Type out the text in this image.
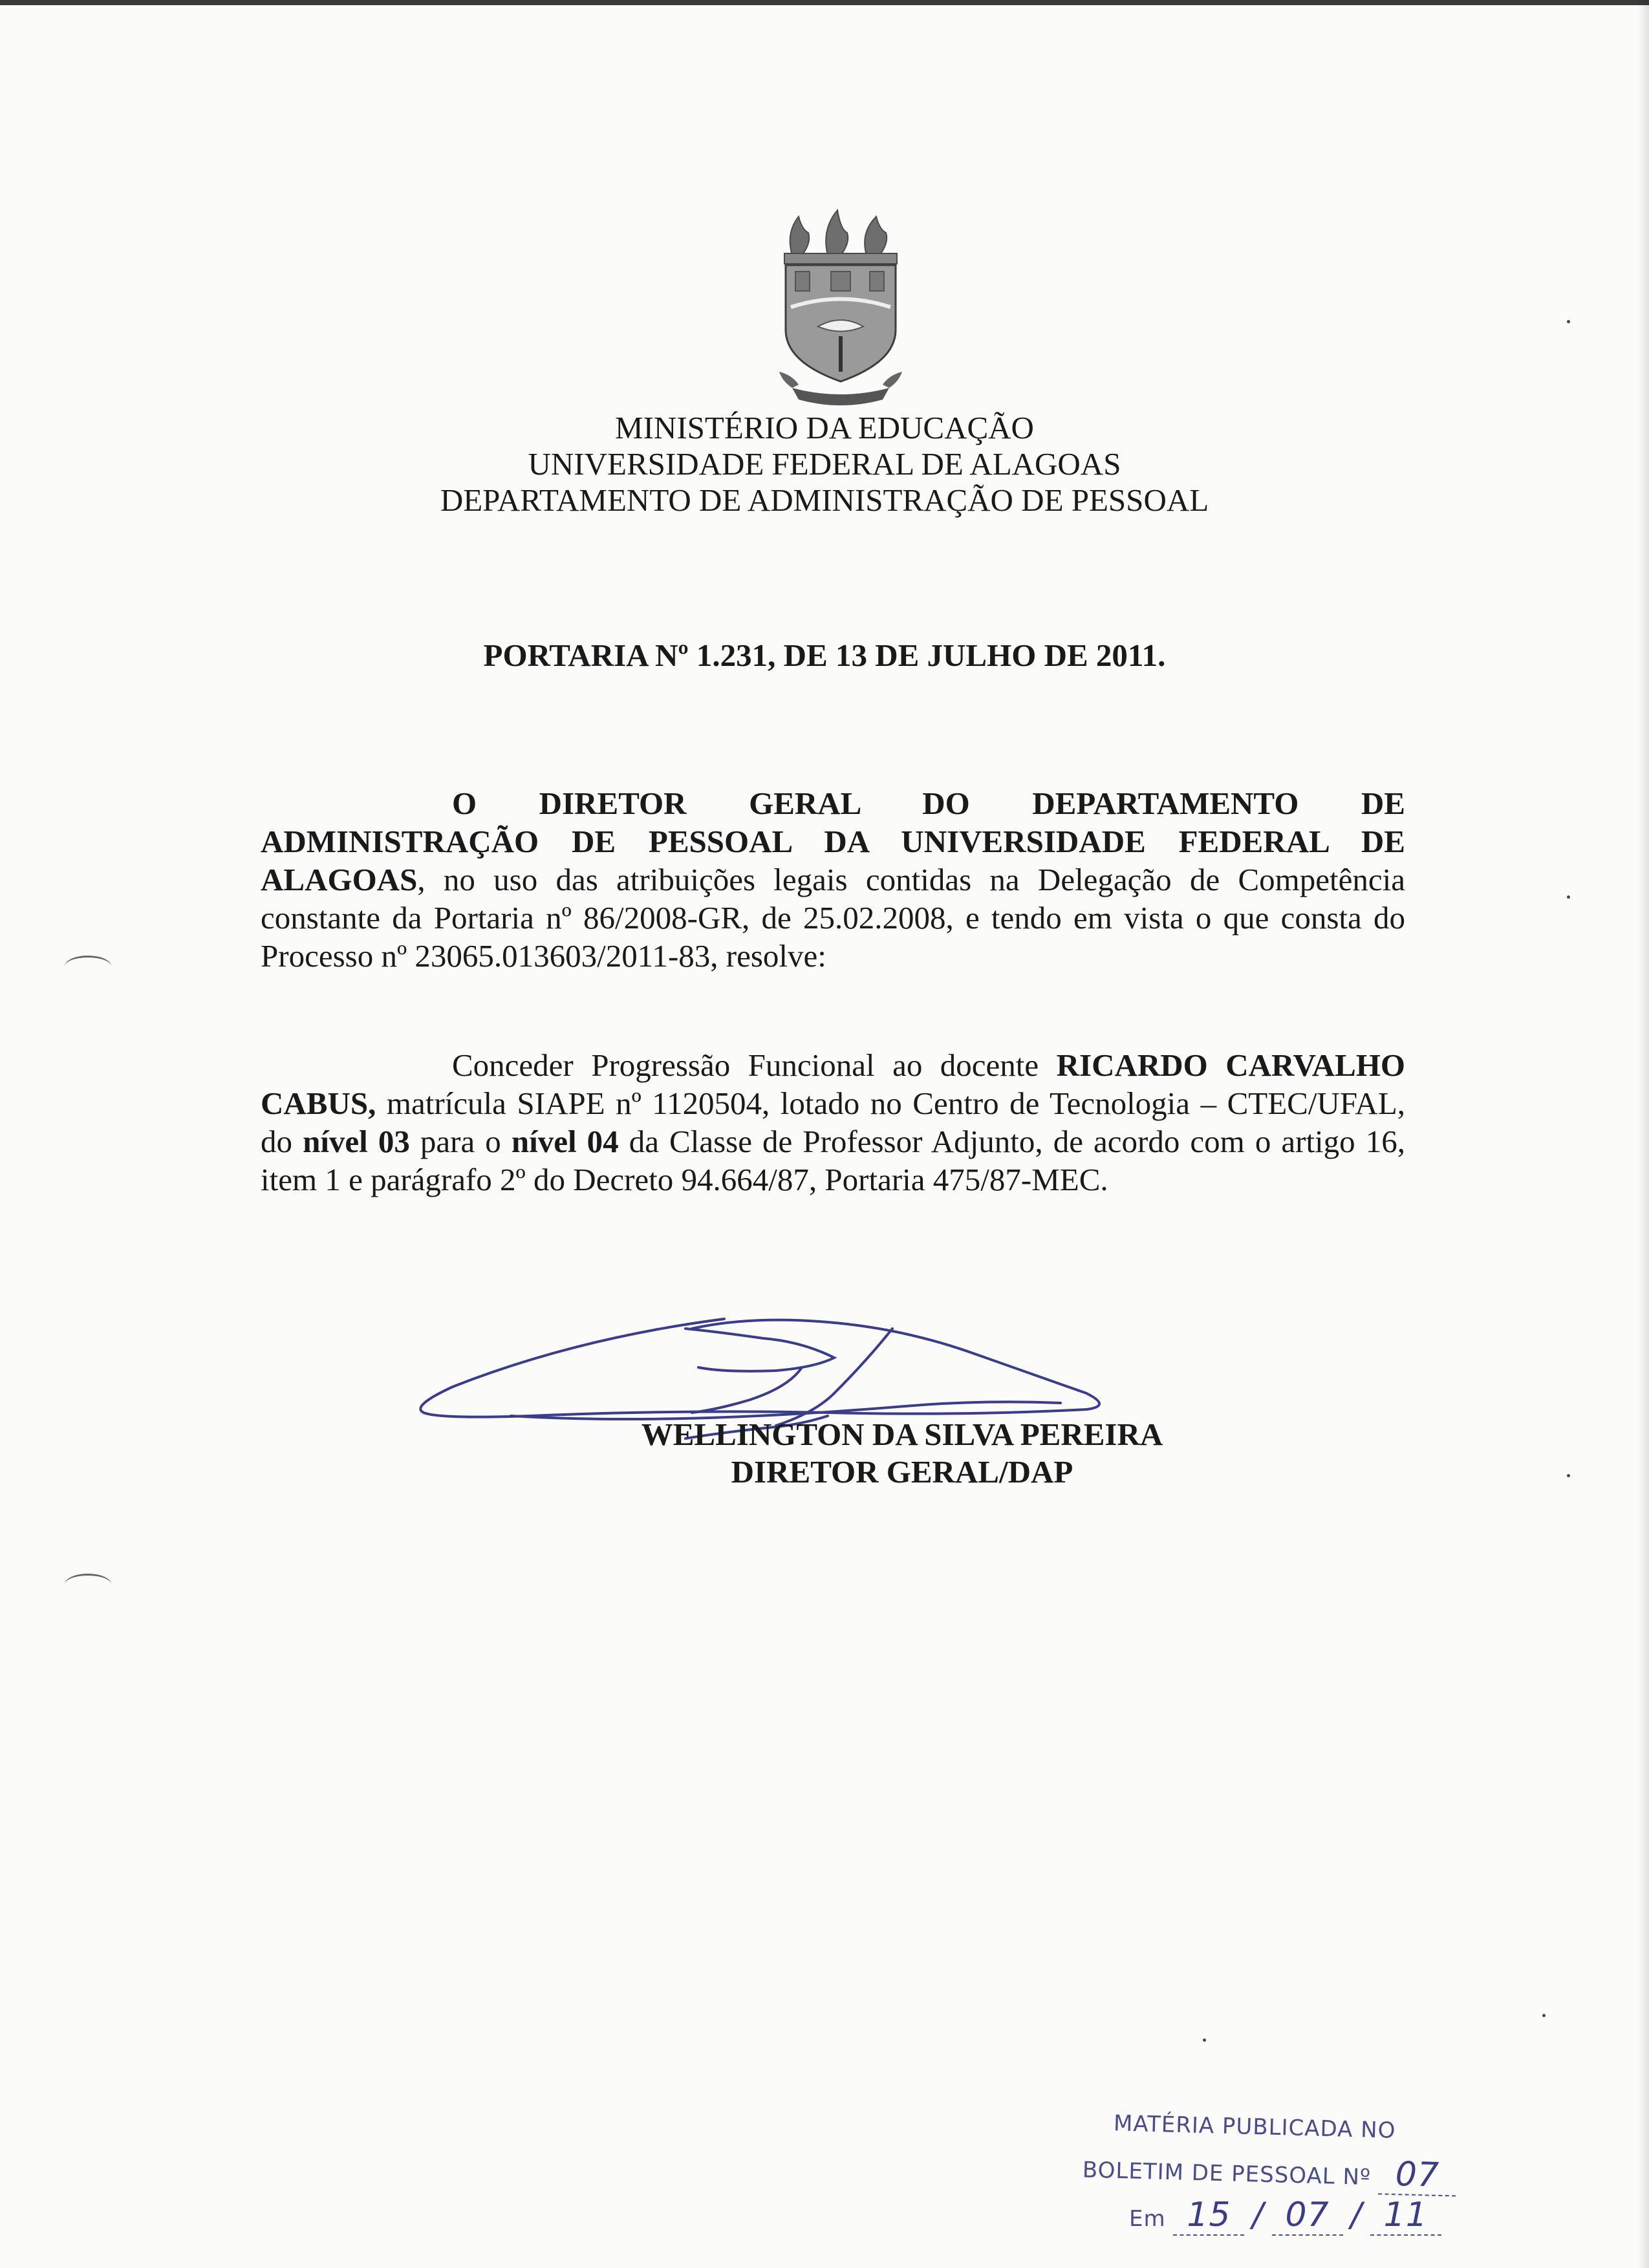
MINISTÉRIO DA EDUCAÇÃO
UNIVERSIDADE FEDERAL DE ALAGOAS
DEPARTAMENTO DE ADMINISTRAÇÃO DE PESSOAL
PORTARIA Nº 1.231, DE 13 DE JULHO DE 2011.
O DIRETOR GERAL DO DEPARTAMENTO DE ADMINISTRAÇÃO DE PESSOAL DA UNIVERSIDADE FEDERAL DE ALAGOAS, no uso das atribuições legais contidas na Delegação de Competência constante da Portaria nº 86/2008-GR, de 25.02.2008, e tendo em vista o que consta do Processo nº 23065.013603/2011-83, resolve:
Conceder Progressão Funcional ao docente RICARDO CARVALHO CABUS, matrícula SIAPE nº 1120504, lotado no Centro de Tecnologia – CTEC/UFAL, do nível 03 para o nível 04 da Classe de Professor Adjunto, de acordo com o artigo 16, item 1 e parágrafo 2º do Decreto 94.664/87, Portaria 475/87-MEC.
WELLINGTON DA SILVA PEREIRA
DIRETOR GERAL/DAP
MATÉRIA PUBLICADA NO
BOLETIM DE PESSOAL Nº 07
Em 15 / 07 / 11
